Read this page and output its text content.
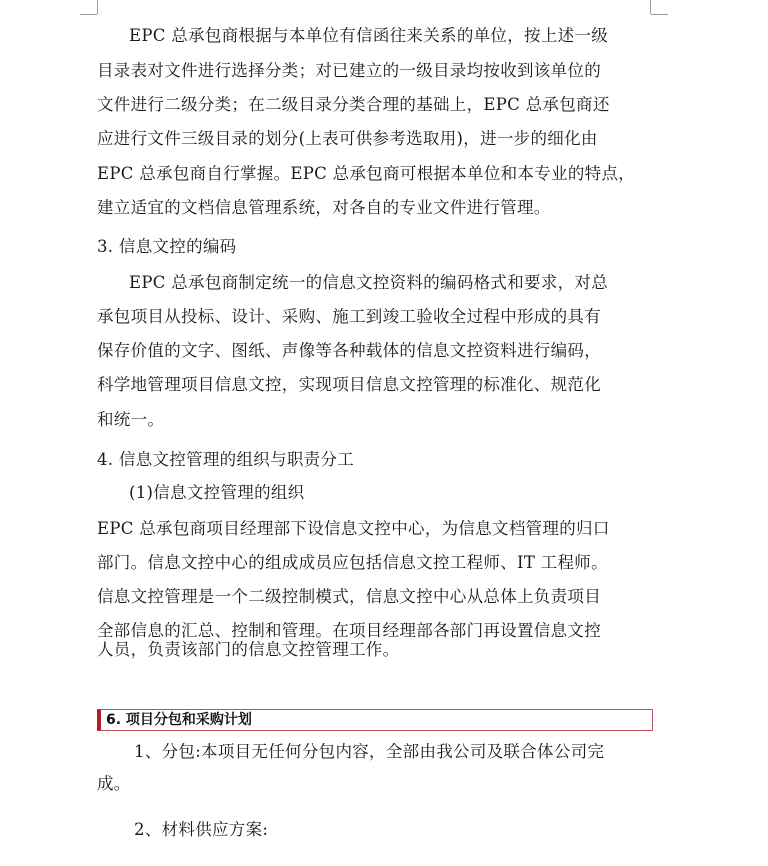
EPC 总承包商根据与本单位有信函往来关系的单位，按上述一级
目录表对文件进行选择分类；对已建立的一级目录均按收到该单位的
文件进行二级分类；在二级目录分类合理的基础上，EPC 总承包商还
应进行文件三级目录的划分(上表可供参考选取用)，进一步的细化由
EPC 总承包商自行掌握。EPC 总承包商可根据本单位和本专业的特点，
建立适宜的文档信息管理系统，对各自的专业文件进行管理。
3. 信息文控的编码
EPC 总承包商制定统一的信息文控资料的编码格式和要求，对总
承包项目从投标、设计、采购、施工到竣工验收全过程中形成的具有
保存价值的文字、图纸、声像等各种载体的信息文控资料进行编码，
科学地管理项目信息文控，实现项目信息文控管理的标准化、规范化
和统一。
4. 信息文控管理的组织与职责分工
(1)信息文控管理的组织
EPC 总承包商项目经理部下设信息文控中心，为信息文档管理的归口
部门。信息文控中心的组成成员应包括信息文控工程师、IT 工程师。
信息文控管理是一个二级控制模式，信息文控中心从总体上负责项目
全部信息的汇总、控制和管理。在项目经理部各部门再设置信息文控
人员，负责该部门的信息文控管理工作。
6. 项目分包和采购计划
1、分包:本项目无任何分包内容，全部由我公司及联合体公司完
成。
2、材料供应方案:
